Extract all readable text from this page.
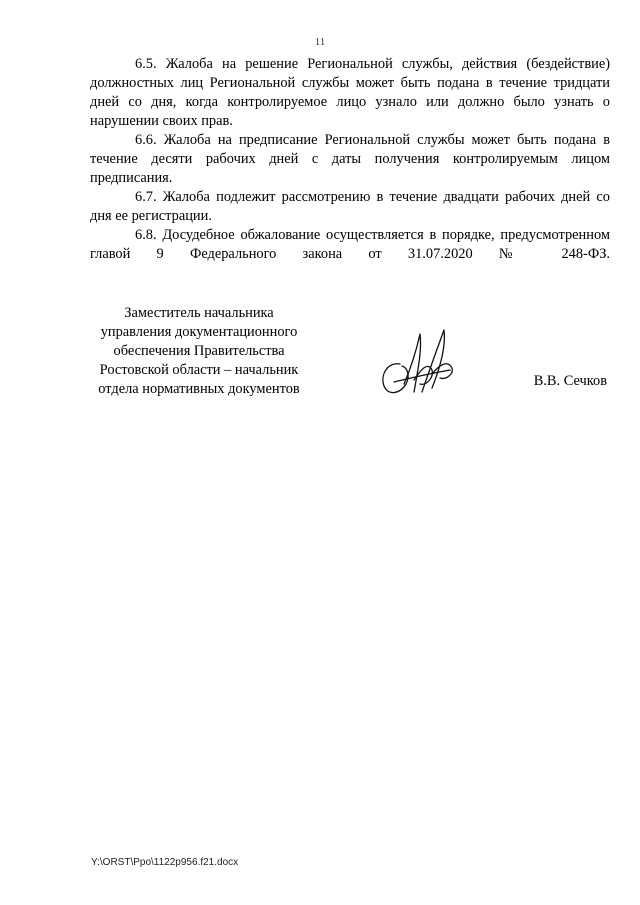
11

6.5. Жалоба на решение Региональной службы, действия (бездействие) должностных лиц Региональной службы может быть подана в течение тридцати дней со дня, когда контролируемое лицо узнало или должно было узнать о нарушении своих прав.

6.6. Жалоба на предписание Региональной службы может быть подана в течение десяти рабочих дней с даты получения контролируемым лицом предписания.

6.7. Жалоба подлежит рассмотрению в течение двадцати рабочих дней со дня ее регистрации.

6.8. Досудебное обжалование осуществляется в порядке, предусмотренном главой 9 Федерального закона от 31.07.2020 № 248-ФЗ.

Заместитель начальника
управления документационного
обеспечения Правительства
Ростовской области – начальник
отдела нормативных документов	В.В. Сечков
Y:\ORST\Ppo\1122p956.f21.docx
